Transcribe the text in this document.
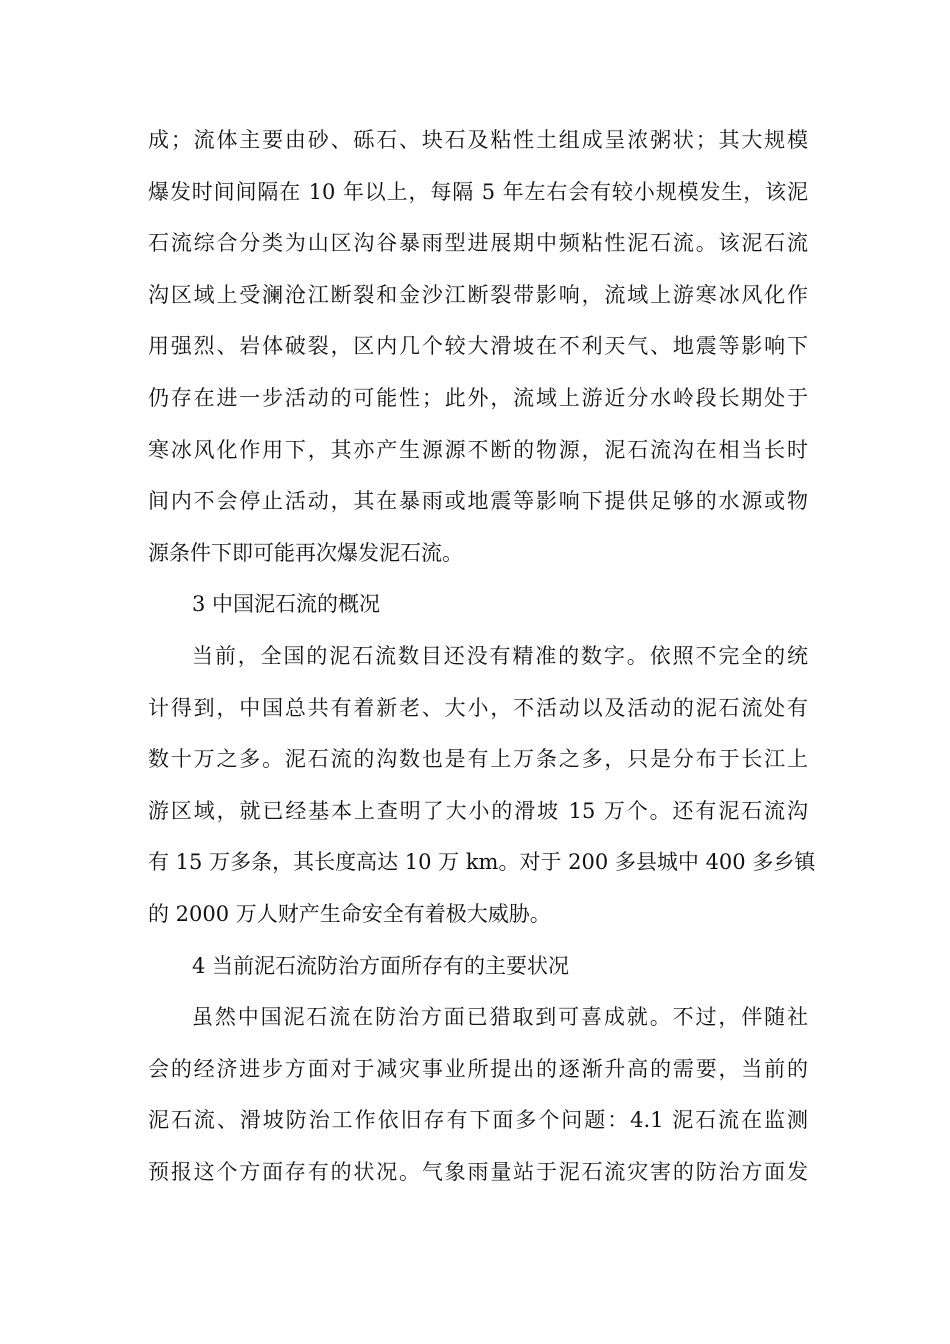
成；流体主要由砂、砾石、块石及粘性土组成呈浓粥状；其大规模
爆发时间间隔在 10 年以上，每隔 5 年左右会有较小规模发生，该泥
石流综合分类为山区沟谷暴雨型进展期中频粘性泥石流。该泥石流
沟区域上受澜沧江断裂和金沙江断裂带影响，流域上游寒冰风化作
用强烈、岩体破裂，区内几个较大滑坡在不利天气、地震等影响下
仍存在进一步活动的可能性；此外，流域上游近分水岭段长期处于
寒冰风化作用下，其亦产生源源不断的物源，泥石流沟在相当长时
间内不会停止活动，其在暴雨或地震等影响下提供足够的水源或物
源条件下即可能再次爆发泥石流。
3 中国泥石流的概况
当前，全国的泥石流数目还没有精准的数字。依照不完全的统
计得到，中国总共有着新老、大小，不活动以及活动的泥石流处有
数十万之多。泥石流的沟数也是有上万条之多，只是分布于长江上
游区域，就已经基本上查明了大小的滑坡 15 万个。还有泥石流沟
有 15 万多条，其长度高达 10 万 km。对于 200 多县城中 400 多乡镇
的 2000 万人财产生命安全有着极大威胁。
4 当前泥石流防治方面所存有的主要状况
虽然中国泥石流在防治方面已猎取到可喜成就。不过，伴随社
会的经济进步方面对于减灾事业所提出的逐渐升高的需要，当前的
泥石流、滑坡防治工作依旧存有下面多个问题：4.1 泥石流在监测
预报这个方面存有的状况。气象雨量站于泥石流灾害的防治方面发
